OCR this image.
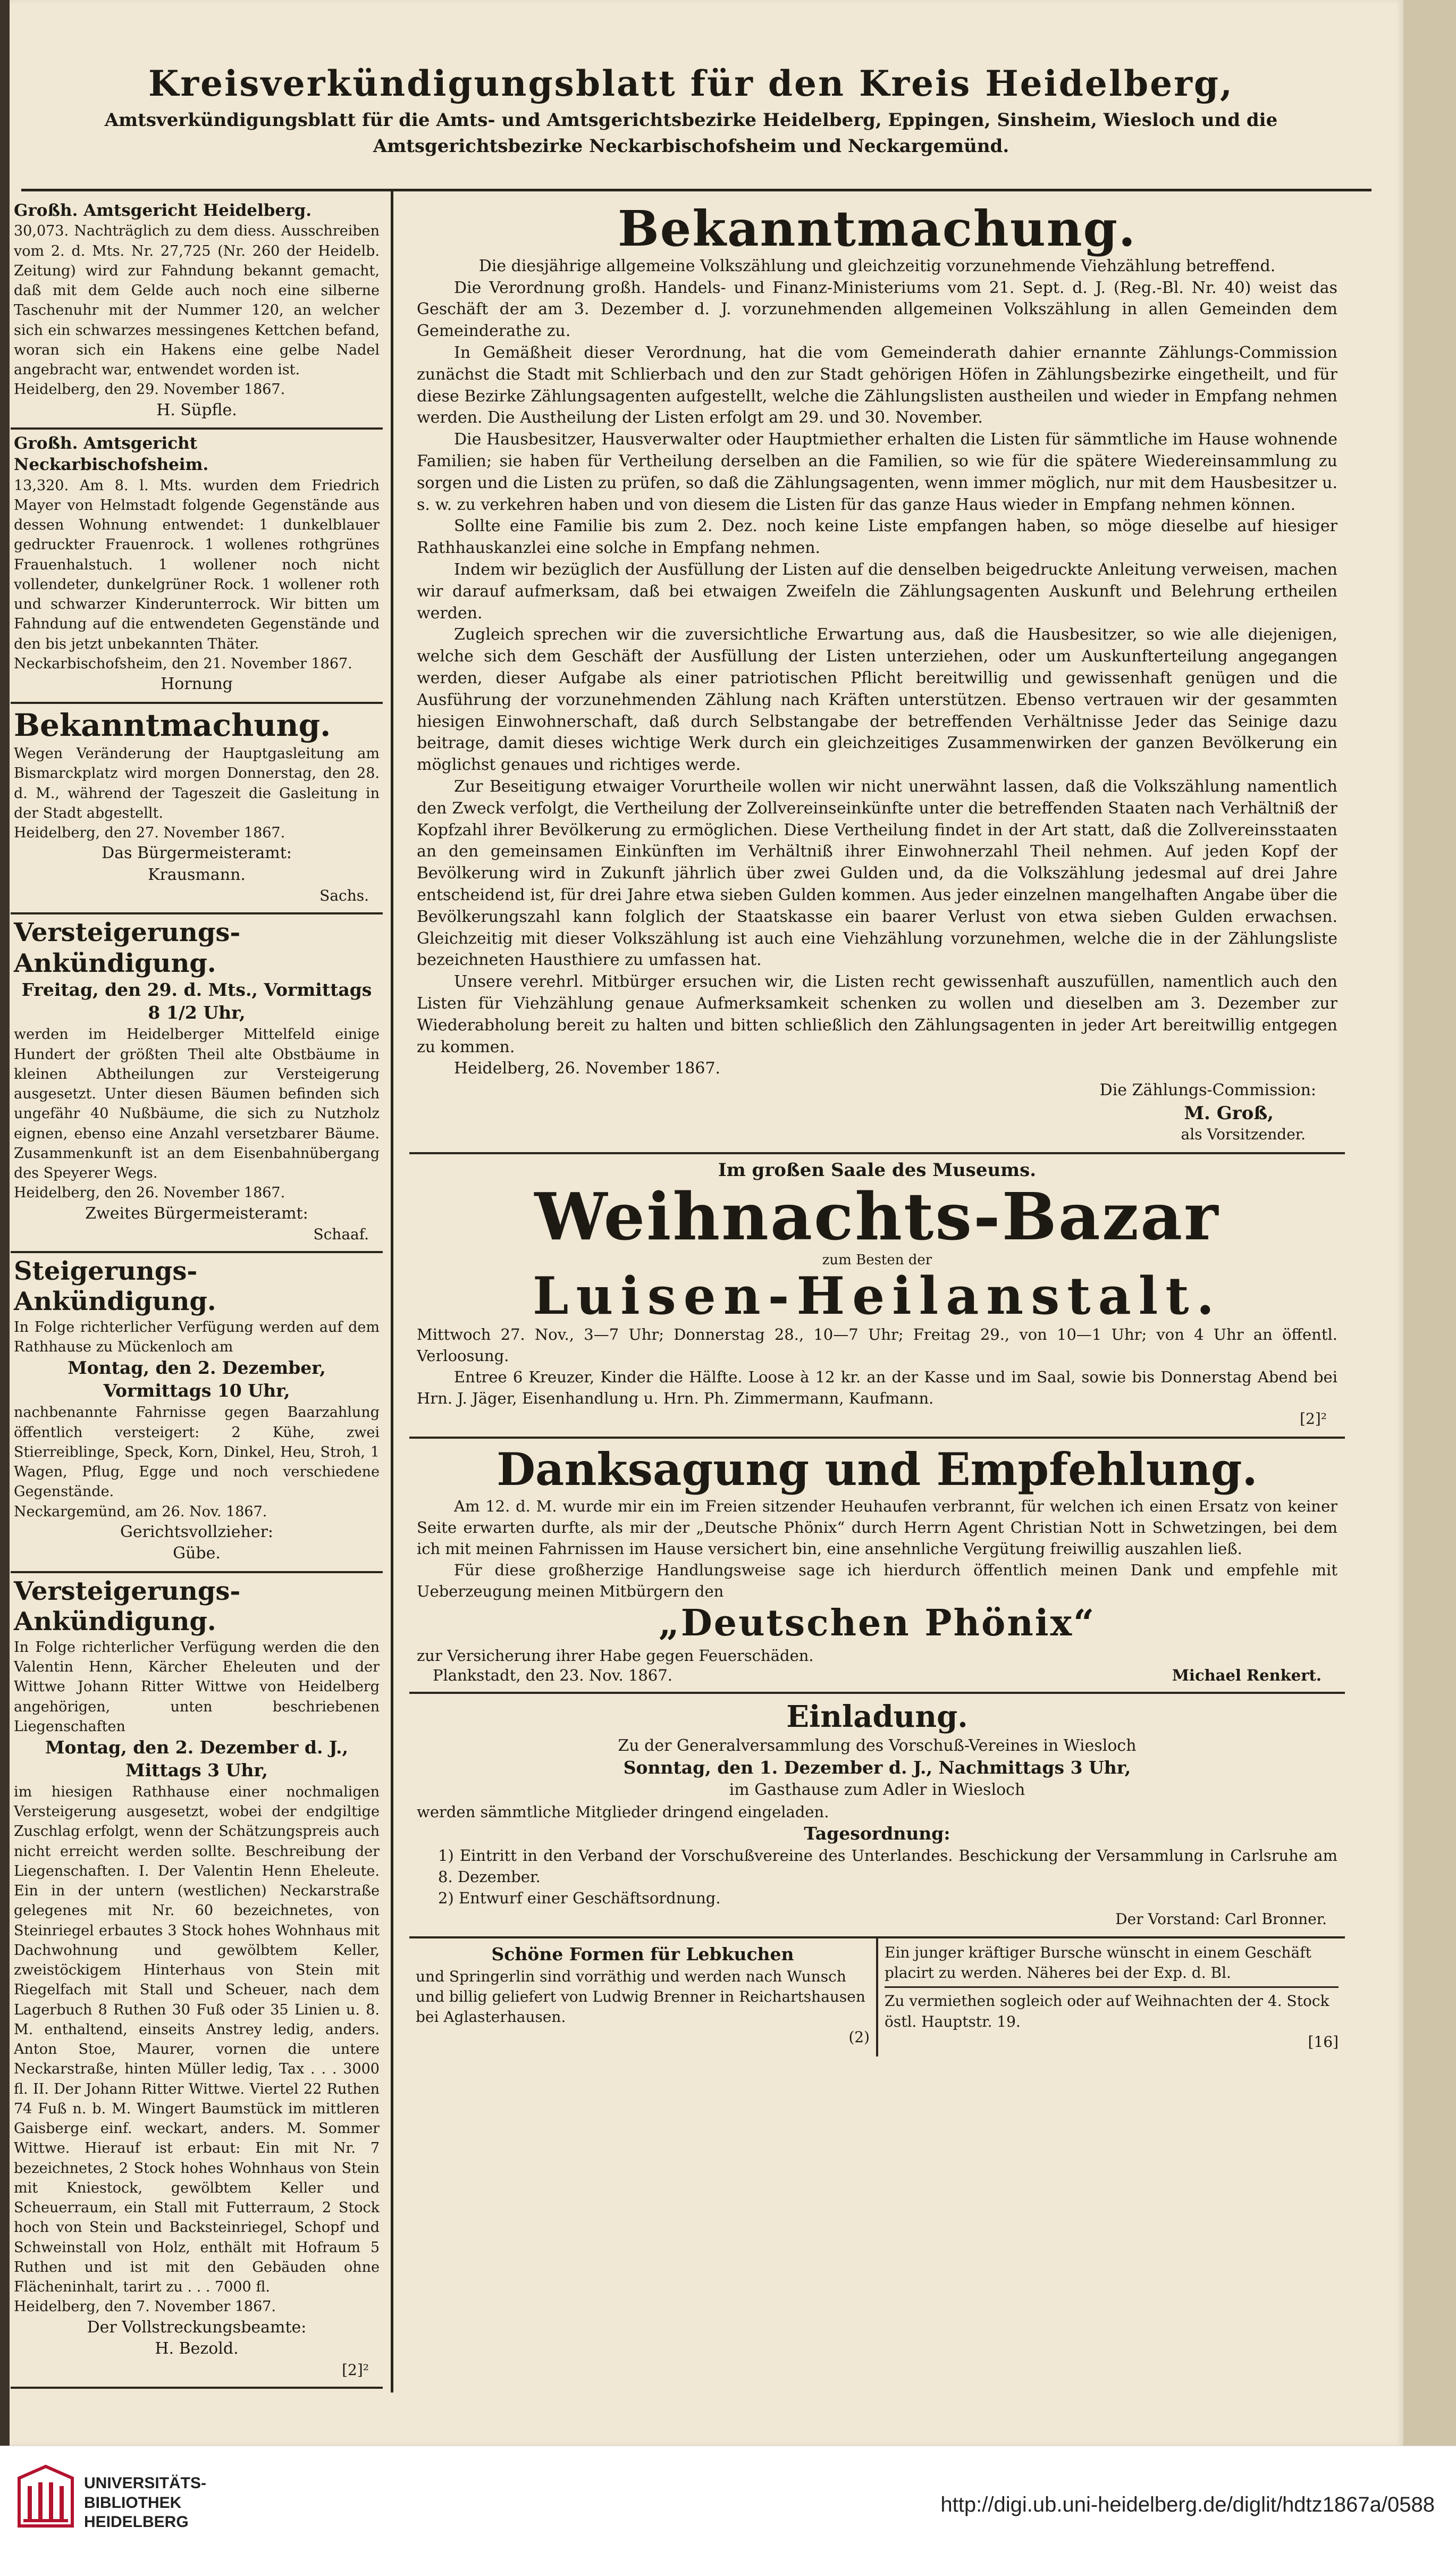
Kreisverkündigungsblatt für den Kreis Heidelberg,
Amtsverkündigungsblatt für die Amts- und Amtsgerichtsbezirke Heidelberg, Eppingen, Sinsheim, Wiesloch und die Amtsgerichtsbezirke Neckarbischofsheim und Neckargemünd.
Großh. Amtsgericht Heidelberg.
30,073. Nachträglich zu dem diess. Ausschreiben vom 2. d. Mts. Nr. 27,725 (Nr. 260 der Heidelb. Zeitung) wird zur Fahndung bekannt gemacht, daß mit dem Gelde auch noch eine silberne Taschenuhr mit der Nummer 120, an welcher sich ein schwarzes messingenes Kettchen befand, woran sich ein Hakens eine gelbe Nadel angebracht war, entwendet worden ist.
Heidelberg, den 29. November 1867.
H. Süpfle.
Großh. Amtsgericht Neckarbischofsheim.
13,320. Am 8. l. Mts. wurden dem Friedrich Mayer von Helmstadt folgende Gegenstände aus dessen Wohnung entwendet: 1 dunkelblauer gedruckter Frauenrock. 1 wollenes rothgrünes Frauenhalstuch. 1 wollener noch nicht vollendeter, dunkelgrüner Rock. 1 wollener roth und schwarzer Kinderunterrock. Wir bitten um Fahndung auf die entwendeten Gegenstände und den bis jetzt unbekannten Thäter.
Neckarbischofsheim, den 21. November 1867.
Hornung
Bekanntmachung.
Wegen Veränderung der Hauptgasleitung am Bismarckplatz wird morgen Donnerstag, den 28. d. M., während der Tageszeit die Gasleitung in der Stadt abgestellt.
Heidelberg, den 27. November 1867.
Das Bürgermeisteramt:
Krausmann.
Sachs.
Versteigerungs-Ankündigung.
Freitag, den 29. d. Mts., Vormittags 8 1/2 Uhr,
werden im Heidelberger Mittelfeld einige Hundert der größten Theil alte Obstbäume in kleinen Abtheilungen zur Versteigerung ausgesetzt. Unter diesen Bäumen befinden sich ungefähr 40 Nußbäume, die sich zu Nutzholz eignen, ebenso eine Anzahl versetzbarer Bäume. Zusammenkunft ist an dem Eisenbahnübergang des Speyerer Wegs.
Heidelberg, den 26. November 1867.
Zweites Bürgermeisteramt:
Schaaf.
Steigerungs-Ankündigung.
In Folge richterlicher Verfügung werden auf dem Rathhause zu Mückenloch am
Montag, den 2. Dezember, Vormittags 10 Uhr,
nachbenannte Fahrnisse gegen Baarzahlung öffentlich versteigert: 2 Kühe, zwei Stierreiblinge, Speck, Korn, Dinkel, Heu, Stroh, 1 Wagen, Pflug, Egge und noch verschiedene Gegenstände.
Neckargemünd, am 26. Nov. 1867.
Gerichtsvollzieher:
Gübe.
Versteigerungs-Ankündigung.
In Folge richterlicher Verfügung werden die den Valentin Henn, Kärcher Eheleuten und der Wittwe Johann Ritter Wittwe von Heidelberg angehörigen, unten beschriebenen Liegenschaften
Montag, den 2. Dezember d. J., Mittags 3 Uhr,
im hiesigen Rathhause einer nochmaligen Versteigerung ausgesetzt, wobei der endgiltige Zuschlag erfolgt, wenn der Schätzungspreis auch nicht erreicht werden sollte. Beschreibung der Liegenschaften. I. Der Valentin Henn Eheleute. Ein in der untern (westlichen) Neckarstraße gelegenes mit Nr. 60 bezeichnetes, von Steinriegel erbautes 3 Stock hohes Wohnhaus mit Dachwohnung und gewölbtem Keller, zweistöckigem Hinterhaus von Stein mit Riegelfach mit Stall und Scheuer, nach dem Lagerbuch 8 Ruthen 30 Fuß oder 35 Linien u. 8. M. enthaltend, einseits Anstrey ledig, anders. Anton Stoe, Maurer, vornen die untere Neckarstraße, hinten Müller ledig, Tax . . . 3000 fl. II. Der Johann Ritter Wittwe. Viertel 22 Ruthen 74 Fuß n. b. M. Wingert Baumstück im mittleren Gaisberge einf. weckart, anders. M. Sommer Wittwe. Hierauf ist erbaut: Ein mit Nr. 7 bezeichnetes, 2 Stock hohes Wohnhaus von Stein mit Kniestock, gewölbtem Keller und Scheuerraum, ein Stall mit Futterraum, 2 Stock hoch von Stein und Backsteinriegel, Schopf und Schweinstall von Holz, enthält mit Hofraum 5 Ruthen und ist mit den Gebäuden ohne Flächeninhalt, tarirt zu . . . 7000 fl.
Heidelberg, den 7. November 1867.
Der Vollstreckungsbeamte:
H. Bezold.
[2]²
Bekanntmachung.
Die diesjährige allgemeine Volkszählung und gleichzeitig vorzunehmende Viehzählung betreffend.

Die Verordnung großh. Handels- und Finanz-Ministeriums vom 21. Sept. d. J. (Reg.-Bl. Nr. 40) weist das Geschäft der am 3. Dezember d. J. vorzunehmenden allgemeinen Volkszählung in allen Gemeinden dem Gemeinderathe zu.

In Gemäßheit dieser Verordnung, hat die vom Gemeinderath dahier ernannte Zählungs-Commission zunächst die Stadt mit Schlierbach und den zur Stadt gehörigen Höfen in Zählungsbezirke eingetheilt, und für diese Bezirke Zählungsagenten aufgestellt, welche die Zählungslisten austheilen und wieder in Empfang nehmen werden. Die Austheilung der Listen erfolgt am 29. und 30. November.

Die Hausbesitzer, Hausverwalter oder Hauptmiether erhalten die Listen für sämmtliche im Hause wohnende Familien; sie haben für Vertheilung derselben an die Familien, so wie für die spätere Wiedereinsammlung zu sorgen und die Listen zu prüfen, so daß die Zählungsagenten, wenn immer möglich, nur mit dem Hausbesitzer u. s. w. zu verkehren haben und von diesem die Listen für das ganze Haus wieder in Empfang nehmen können.

Sollte eine Familie bis zum 2. Dez. noch keine Liste empfangen haben, so möge dieselbe auf hiesiger Rathhauskanzlei eine solche in Empfang nehmen.

Indem wir bezüglich der Ausfüllung der Listen auf die denselben beigedruckte Anleitung verweisen, machen wir darauf aufmerksam, daß bei etwaigen Zweifeln die Zählungsagenten Auskunft und Belehrung ertheilen werden.

Zugleich sprechen wir die zuversichtliche Erwartung aus, daß die Hausbesitzer, so wie alle diejenigen, welche sich dem Geschäft der Ausfüllung der Listen unterziehen, oder um Auskunfterteilung angegangen werden, dieser Aufgabe als einer patriotischen Pflicht bereitwillig und gewissenhaft genügen und die Ausführung der vorzunehmenden Zählung nach Kräften unterstützen. Ebenso vertrauen wir der gesammten hiesigen Einwohnerschaft, daß durch Selbstangabe der betreffenden Verhältnisse Jeder das Seinige dazu beitrage, damit dieses wichtige Werk durch ein gleichzeitiges Zusammenwirken der ganzen Bevölkerung ein möglichst genaues und richtiges werde.

Zur Beseitigung etwaiger Vorurtheile wollen wir nicht unerwähnt lassen, daß die Volkszählung namentlich den Zweck verfolgt, die Vertheilung der Zollvereinseinkünfte unter die betreffenden Staaten nach Verhältniß der Kopfzahl ihrer Bevölkerung zu ermöglichen. Diese Vertheilung findet in der Art statt, daß die Zollvereinsstaaten an den gemeinsamen Einkünften im Verhältniß ihrer Einwohnerzahl Theil nehmen. Auf jeden Kopf der Bevölkerung wird in Zukunft jährlich über zwei Gulden und, da die Volkszählung jedesmal auf drei Jahre entscheidend ist, für drei Jahre etwa sieben Gulden kommen. Aus jeder einzelnen mangelhaften Angabe über die Bevölkerungszahl kann folglich der Staatskasse ein baarer Verlust von etwa sieben Gulden erwachsen. Gleichzeitig mit dieser Volkszählung ist auch eine Viehzählung vorzunehmen, welche die in der Zählungsliste bezeichneten Hausthiere zu umfassen hat.

Unsere verehrl. Mitbürger ersuchen wir, die Listen recht gewissenhaft auszufüllen, namentlich auch den Listen für Viehzählung genaue Aufmerksamkeit schenken zu wollen und dieselben am 3. Dezember zur Wiederabholung bereit zu halten und bitten schließlich den Zählungsagenten in jeder Art bereitwillig entgegen zu kommen.

Heidelberg, 26. November 1867.

Die Zählungs-Commission:
M. Groß,
als Vorsitzender.
Im großen Saale des Museums.
Weihnachts-Bazar
zum Besten der
Luisen-Heilanstalt.
Mittwoch 27. Nov., 3—7 Uhr; Donnerstag 28., 10—7 Uhr; Freitag 29., von 10—1 Uhr; von 4 Uhr an öffentl. Verloosung.
Entree 6 Kreuzer, Kinder die Hälfte. Loose à 12 kr. an der Kasse und im Saal, sowie bis Donnerstag Abend bei Hrn. J. Jäger, Eisenhandlung u. Hrn. Ph. Zimmermann, Kaufmann.
[2]²
Danksagung und Empfehlung.
Am 12. d. M. wurde mir ein im Freien sitzender Heuhaufen verbrannt, für welchen ich einen Ersatz von keiner Seite erwarten durfte, als mir der „Deutsche Phönix“ durch Herrn Agent Christian Nott in Schwetzingen, bei dem ich mit meinen Fahrnissen im Hause versichert bin, eine ansehnliche Vergütung freiwillig auszahlen ließ.
Für diese großherzige Handlungsweise sage ich hierdurch öffentlich meinen Dank und empfehle mit Ueberzeugung meinen Mitbürgern den
„Deutschen Phönix“
zur Versicherung ihrer Habe gegen Feuerschäden.
Plankstadt, den 23. Nov. 1867.	Michael Renkert.
Einladung.
Zu der Generalversammlung des Vorschuß-Vereines in Wiesloch
Sonntag, den 1. Dezember d. J., Nachmittags 3 Uhr,
im Gasthause zum Adler in Wiesloch
werden sämmtliche Mitglieder dringend eingeladen.
Tagesordnung:
1) Eintritt in den Verband der Vorschußvereine des Unterlandes. Beschickung der Versammlung in Carlsruhe am 8. Dezember.
2) Entwurf einer Geschäftsordnung.
Der Vorstand: Carl Bronner.
Schöne Formen für Lebkuchen
und Springerlin sind vorräthig und werden nach Wunsch und billig geliefert von Ludwig Brenner in Reichartshausen bei Aglasterhausen.
(2)
Ein junger kräftiger Bursche wünscht in einem Geschäft placirt zu werden. Näheres bei der Exp. d. Bl.
Zu vermiethen sogleich oder auf Weihnachten der 4. Stock östl. Hauptstr. 19.
[16]
UNIVERSITÄTS-
BIBLIOTHEK
HEIDELBERG
http://digi.ub.uni-heidelberg.de/diglit/hdtz1867a/0588
